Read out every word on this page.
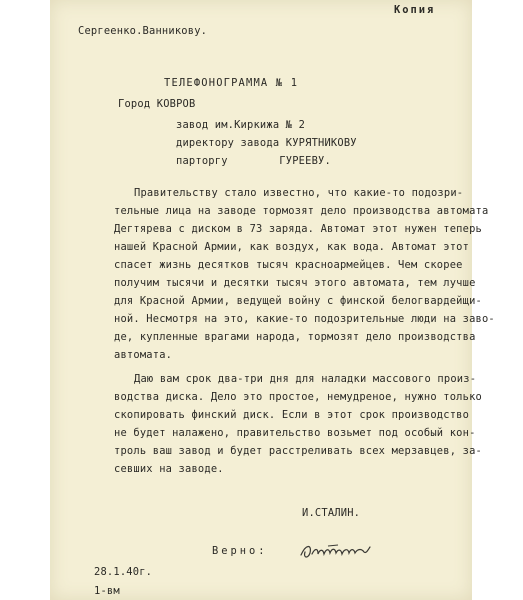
Копия
Сергеенко.Ванникову.
ТЕЛЕФОНОГРАММА № 1
Город КОВРОВ
завод им.Киркижа № 2
директору завода КУРЯТНИКОВУ
парторгу        ГУРЕЕВУ.
Правительству стало известно, что какие-то подозри-
тельные лица на заводе тормозят дело производства автомата
Дегтярева с диском в 73 заряда. Автомат этот нужен теперь
нашей Красной Армии, как воздух, как вода. Автомат этот
спасет жизнь десятков тысяч красноармейцев. Чем скорее
получим тысячи и десятки тысяч этого автомата, тем лучше
для Красной Армии, ведущей войну с финской белогвардейщи-
ной. Несмотря на это, какие-то подозрительные люди на заво-
де, купленные врагами народа, тормозят дело производства
автомата.
Даю вам срок два-три дня для наладки массового произ-
водства диска. Дело это простое, немудреное, нужно только
скопировать финский диск. Если в этот срок производство
не будет налажено, правительство возьмет под особый кон-
троль ваш завод и будет расстреливать всех мерзавцев, за-
севших на заводе.
И.СТАЛИН.
Верно:
28.1.40г.
1-вм
